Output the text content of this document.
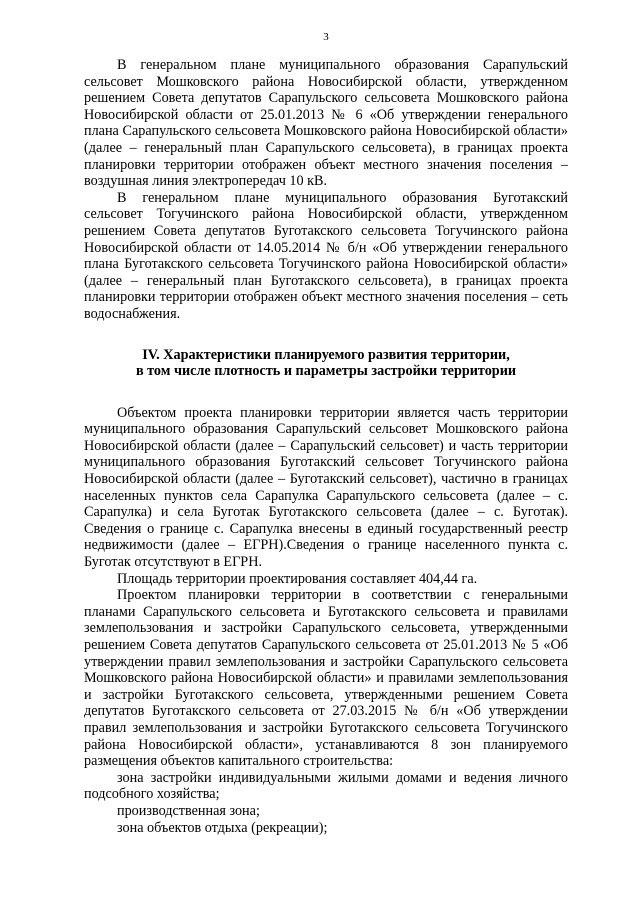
3

В генеральном плане муниципального образования Сарапульский сельсовет Мошковского района Новосибирской области, утвержденном решением Совета депутатов Сарапульского сельсовета Мошковского района Новосибирской области от 25.01.2013 № 6 «Об утверждении генерального плана Сарапульского сельсовета Мошковского района Новосибирской области» (далее – генеральный план Сарапульского сельсовета), в границах проекта планировки территории отображен объект местного значения поселения – воздушная линия электропередач 10 кВ.

В генеральном плане муниципального образования Буготакский сельсовет Тогучинского района Новосибирской области, утвержденном решением Совета депутатов Буготакского сельсовета Тогучинского района Новосибирской области от 14.05.2014 № б/н «Об утверждении генерального плана Буготакского сельсовета Тогучинского района Новосибирской области» (далее – генеральный план Буготакского сельсовета), в границах проекта планировки территории отображен объект местного значения поселения – сеть водоснабжения.

IV. Характеристики планируемого развития территории,
в том числе плотность и параметры застройки территории

Объектом проекта планировки территории является часть территории муниципального образования Сарапульский сельсовет Мошковского района Новосибирской области (далее – Сарапульский сельсовет) и часть территории муниципального образования Буготакский сельсовет Тогучинского района Новосибирской области (далее – Буготакский сельсовет), частично в границах населенных пунктов села Сарапулка Сарапульского сельсовета (далее – с. Сарапулка) и села Буготак Буготакского сельсовета (далее – с. Буготак). Сведения о границе с. Сарапулка внесены в единый государственный реестр недвижимости (далее – ЕГРН).Сведения о границе населенного пункта с. Буготак отсутствуют в ЕГРН.

Площадь территории проектирования составляет 404,44 га.

Проектом планировки территории в соответствии с генеральными планами Сарапульского сельсовета и Буготакского сельсовета и правилами землепользования и застройки Сарапульского сельсовета, утвержденными решением Совета депутатов Сарапульского сельсовета от 25.01.2013 № 5 «Об утверждении правил землепользования и застройки Сарапульского сельсовета Мошковского района Новосибирской области» и правилами землепользования и застройки Буготакского сельсовета, утвержденными решением Совета депутатов Буготакского сельсовета от 27.03.2015 № б/н «Об утверждении правил землепользования и застройки Буготакского сельсовета Тогучинского района Новосибирской области», устанавливаются 8 зон планируемого размещения объектов капитального строительства:

зона застройки индивидуальными жилыми домами и ведения личного подсобного хозяйства;

производственная зона;

зона объектов отдыха (рекреации);
